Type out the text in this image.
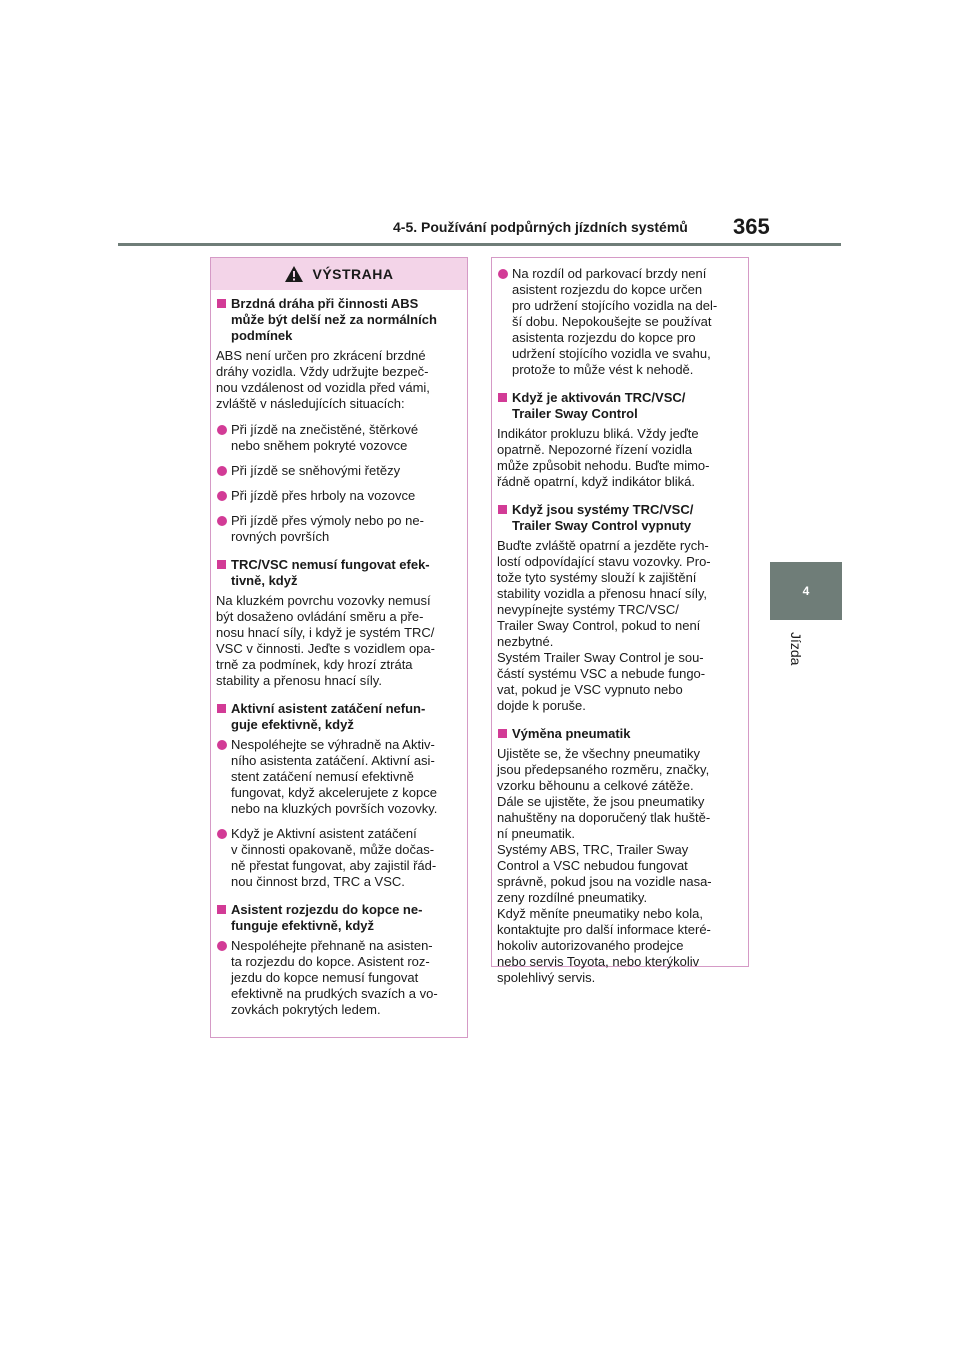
4-5. Používání podpůrných jízdních systémů 365
4
Jízda
VÝSTRAHA
Brzdná dráha při činnosti ABS
může být delší než za normálních
podmínek
ABS není určen pro zkrácení brzdné
dráhy vozidla. Vždy udržujte bezpeč-
nou vzdálenost od vozidla před vámi,
zvláště v následujících situacích:
Při jízdě na znečistěné, štěrkové
nebo sněhem pokryté vozovce
Při jízdě se sněhovými řetězy
Při jízdě přes hrboly na vozovce
Při jízdě přes výmoly nebo po ne-
rovných površích
TRC/VSC nemusí fungovat efek-
tivně, když
Na kluzkém povrchu vozovky nemusí
být dosaženo ovládání směru a pře-
nosu hnací síly, i když je systém TRC/
VSC v činnosti. Jeďte s vozidlem opa-
trně za podmínek, kdy hrozí ztráta
stability a přenosu hnací síly.
Aktivní asistent zatáčení nefun-
guje efektivně, když
Nespoléhejte se výhradně na Aktiv-
ního asistenta zatáčení. Aktivní asi-
stent zatáčení nemusí efektivně
fungovat, když akcelerujete z kopce
nebo na kluzkých površích vozovky.
Když je Aktivní asistent zatáčení
v činnosti opakovaně, může dočas-
ně přestat fungovat, aby zajistil řád-
nou činnost brzd, TRC a VSC.
Asistent rozjezdu do kopce ne-
funguje efektivně, když
Nespoléhejte přehnaně na asisten-
ta rozjezdu do kopce. Asistent roz-
jezdu do kopce nemusí fungovat
efektivně na prudkých svazích a vo-
zovkách pokrytých ledem.
Na rozdíl od parkovací brzdy není
asistent rozjezdu do kopce určen
pro udržení stojícího vozidla na del-
ší dobu. Nepokoušejte se používat
asistenta rozjezdu do kopce pro
udržení stojícího vozidla ve svahu,
protože to může vést k nehodě.
Když je aktivován TRC/VSC/
Trailer Sway Control
Indikátor prokluzu bliká. Vždy jeďte
opatrně. Nepozorné řízení vozidla
může způsobit nehodu. Buďte mimo-
řádně opatrní, když indikátor bliká.
Když jsou systémy TRC/VSC/
Trailer Sway Control vypnuty
Buďte zvláště opatrní a jezděte rych-
lostí odpovídající stavu vozovky. Pro-
tože tyto systémy slouží k zajištění
stability vozidla a přenosu hnací síly,
nevypínejte systémy TRC/VSC/
Trailer Sway Control, pokud to není
nezbytné.
Systém Trailer Sway Control je sou-
částí systému VSC a nebude fungo-
vat, pokud je VSC vypnuto nebo
dojde k poruše.
Výměna pneumatik
Ujistěte se, že všechny pneumatiky
jsou předepsaného rozměru, značky,
vzorku běhounu a celkové zátěže.
Dále se ujistěte, že jsou pneumatiky
nahuštěny na doporučený tlak huště-
ní pneumatik.
Systémy ABS, TRC, Trailer Sway
Control a VSC nebudou fungovat
správně, pokud jsou na vozidle nasa-
zeny rozdílné pneumatiky.
Když měníte pneumatiky nebo kola,
kontaktujte pro další informace které-
hokoliv autorizovaného prodejce
nebo servis Toyota, nebo kterýkoliv
spolehlivý servis.
